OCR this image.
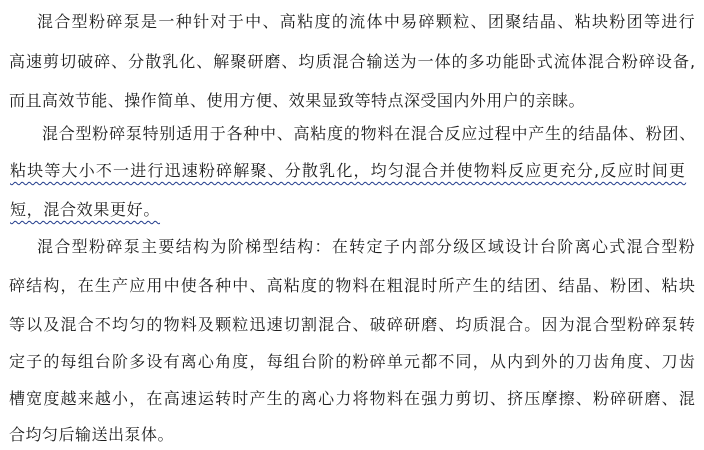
混合型粉碎泵是一种针对于中、高粘度的流体中易碎颗粒、团聚结晶、粘块粉团等进行
高速剪切破碎、分散乳化、解聚研磨、均质混合输送为一体的多功能卧式流体混合粉碎设备,
而且高效节能、操作简单、使用方便、效果显致等特点深受国内外用户的亲睐。
混合型粉碎泵特别适用于各种中、高粘度的物料在混合反应过程中产生的结晶体、粉团、
粘块等大小不一进行迅速粉碎解聚、分散乳化，均匀混合并使物料反应更充分,反应时间更
短，混合效果更好。
混合型粉碎泵主要结构为阶梯型结构：在转定子内部分级区域设计台阶离心式混合型粉
碎结构，在生产应用中使各种中、高粘度的物料在粗混时所产生的结团、结晶、粉团、粘块
等以及混合不均匀的物料及颗粒迅速切割混合、破碎研磨、均质混合。因为混合型粉碎泵转
定子的每组台阶多设有离心角度，每组台阶的粉碎单元都不同，从内到外的刀齿角度、刀齿
槽宽度越来越小，在高速运转时产生的离心力将物料在强力剪切、挤压摩擦、粉碎研磨、混
合均匀后输送出泵体。
